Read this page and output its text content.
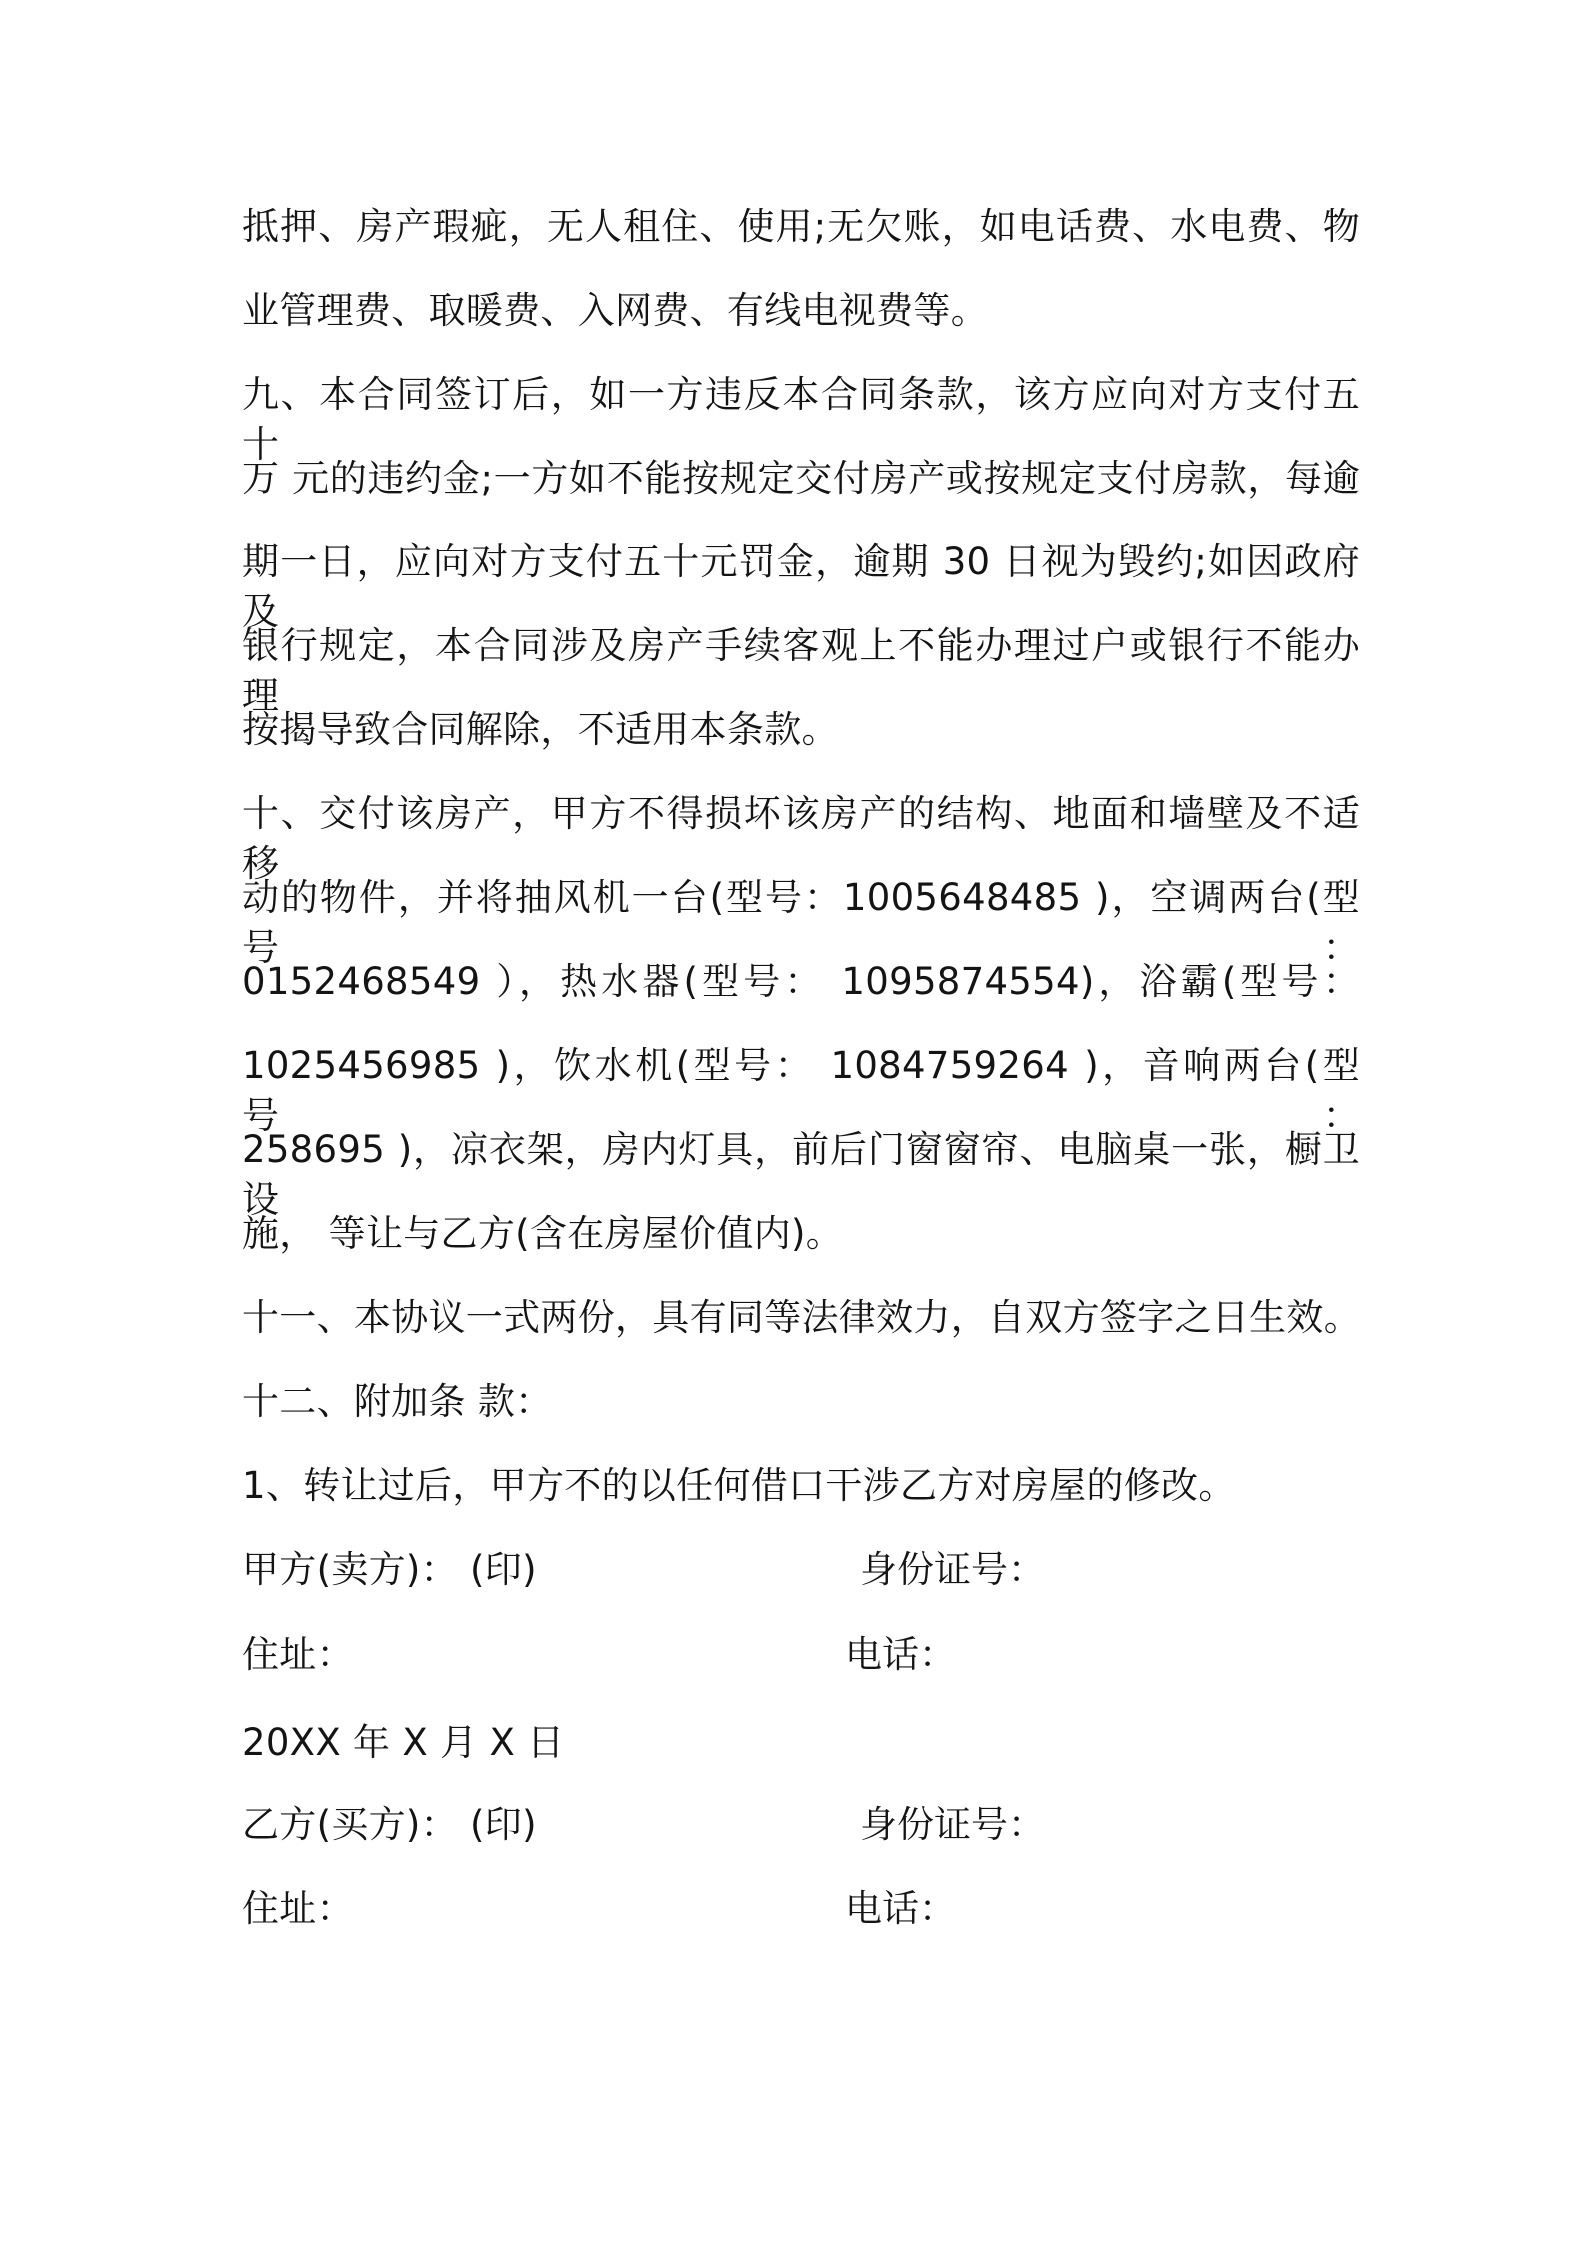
抵押、房产瑕疵，无人租住、使用;无欠账，如电话费、水电费、物
业管理费、取暖费、入网费、有线电视费等。
九、本合同签订后，如一方违反本合同条款，该方应向对方支付五十
万 元的违约金;一方如不能按规定交付房产或按规定支付房款，每逾
期一日，应向对方支付五十元罚金，逾期 30 日视为毁约;如因政府及
银行规定，本合同涉及房产手续客观上不能办理过户或银行不能办理
按揭导致合同解除，不适用本条款。
十、交付该房产，甲方不得损坏该房产的结构、地面和墙壁及不适移
动的物件，并将抽风机一台(型号：1005648485 )，空调两台(型号：
0152468549 ），热水器(型号： 1095874554)，浴霸(型号：
1025456985 )，饮水机(型号： 1084759264 )，音响两台(型号：
258695 )，凉衣架，房内灯具，前后门窗窗帘、电脑桌一张，橱卫设
施， 等让与乙方(含在房屋价值内)。
十一、本协议一式两份，具有同等法律效力，自双方签字之日生效。
十二、附加条 款：
1、转让过后，甲方不的以任何借口干涉乙方对房屋的修改。
甲方(卖方)： (印)	身份证号：
住址：	电话：
20XX 年 X 月 X 日
乙方(买方)： (印)	身份证号：
住址：	电话：
